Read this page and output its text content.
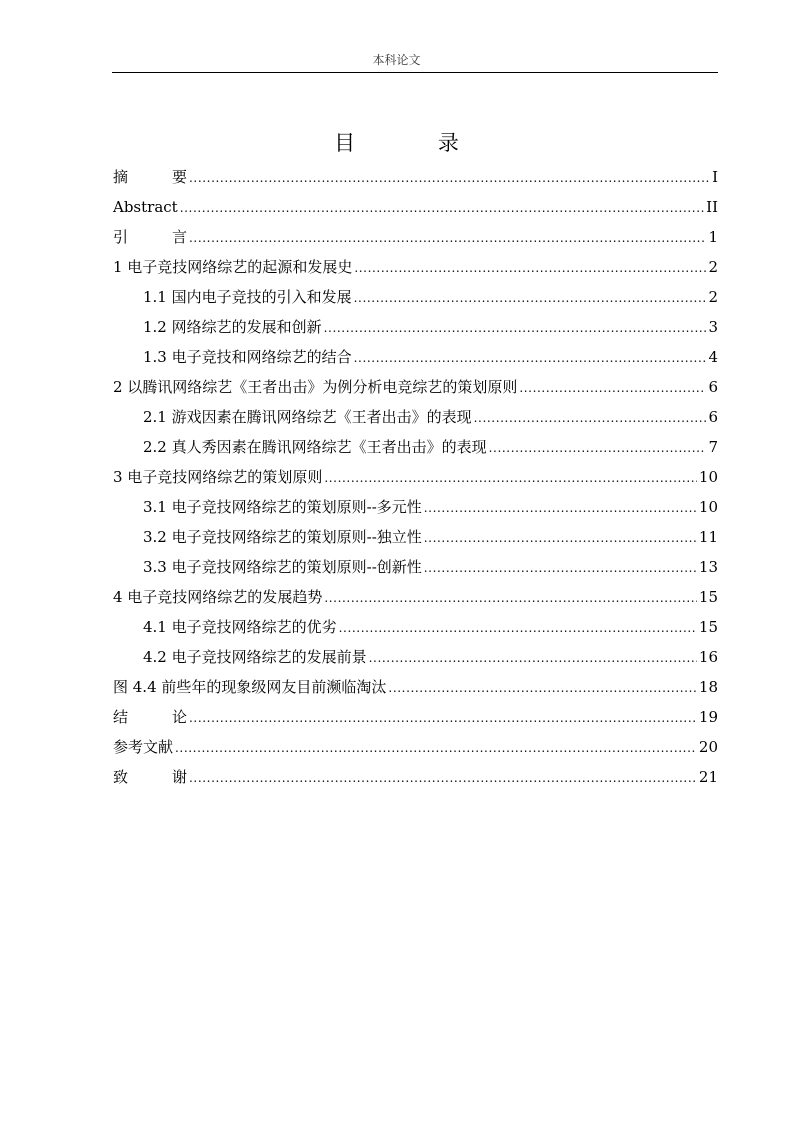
本科论文
目 录
摘要 .....	I
Abstract .....	II
引言 .....	1
1 电子竞技网络综艺的起源和发展史 .....	2
1.1 国内电子竞技的引入和发展 .....	2
1.2 网络综艺的发展和创新 .....	3
1.3 电子竞技和网络综艺的结合 .....	4
2 以腾讯网络综艺《王者出击》为例分析电竞综艺的策划原则 .....	6
2.1 游戏因素在腾讯网络综艺《王者出击》的表现 .....	6
2.2 真人秀因素在腾讯网络综艺《王者出击》的表现 .....	7
3 电子竞技网络综艺的策划原则 .....	10
3.1 电子竞技网络综艺的策划原则--多元性 .....	10
3.2 电子竞技网络综艺的策划原则--独立性 .....	11
3.3 电子竞技网络综艺的策划原则--创新性 .....	13
4 电子竞技网络综艺的发展趋势 .....	15
4.1 电子竞技网络综艺的优劣 .....	15
4.2 电子竞技网络综艺的发展前景 .....	16
图 4.4 前些年的现象级网友目前濒临淘汰 .....	18
结论 .....	19
参考文献 .....	20
致谢 .....	21
